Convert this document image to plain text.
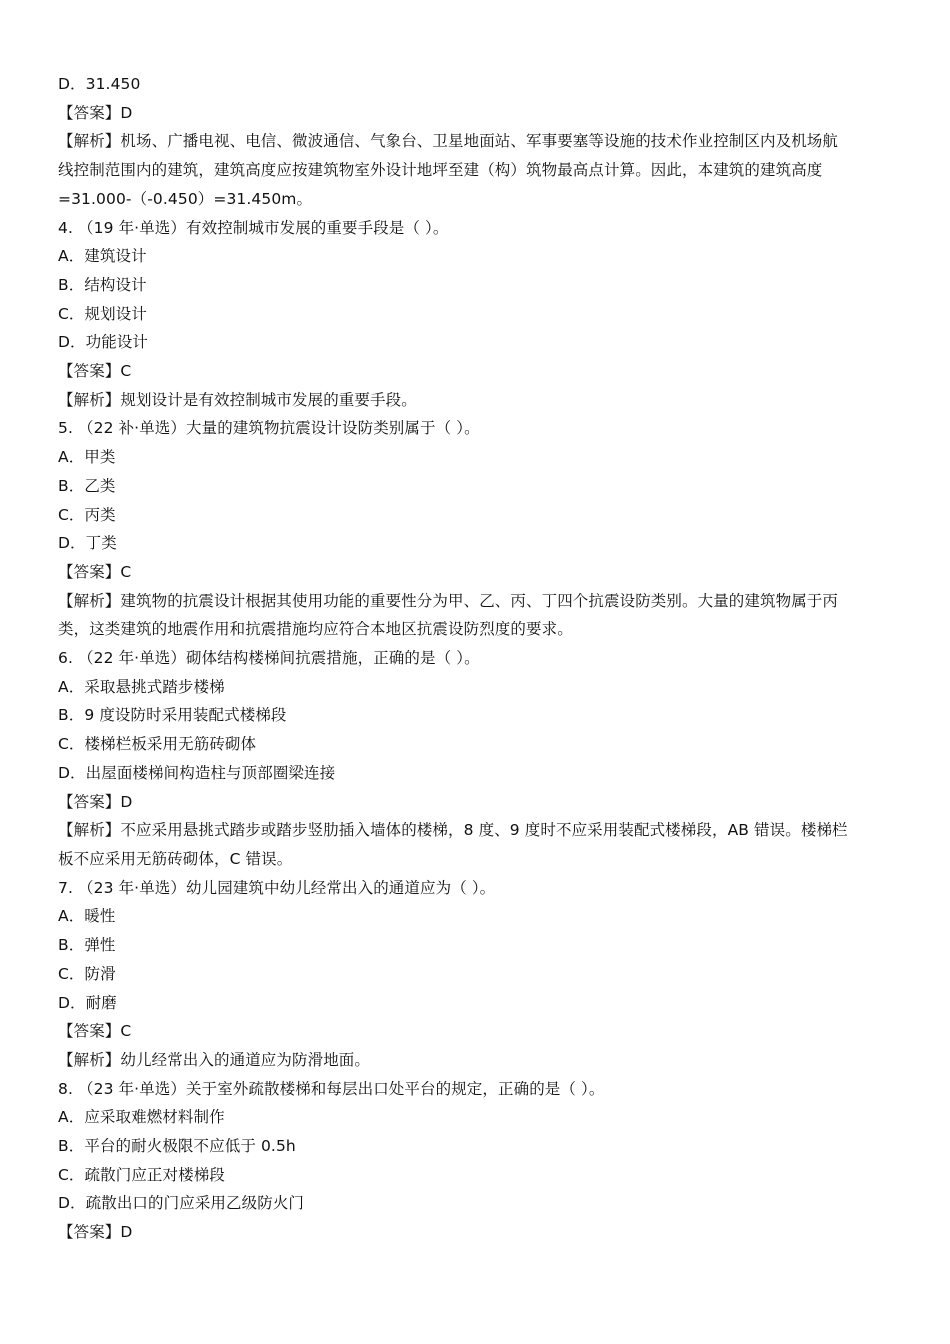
D．31.450

【答案】D

【解析】机场、广播电视、电信、微波通信、气象台、卫星地面站、军事要塞等设施的技术作业控制区内及机场航

线控制范围内的建筑，建筑高度应按建筑物室外设计地坪至建（构）筑物最高点计算。因此，本建筑的建筑高度

=31.000-（-0.450）=31.450m。

4. （19 年·单选）有效控制城市发展的重要手段是（ ）。

A．建筑设计

B．结构设计

C．规划设计

D．功能设计

【答案】C

【解析】规划设计是有效控制城市发展的重要手段。

5. （22 补·单选）大量的建筑物抗震设计设防类别属于（ ）。

A．甲类

B．乙类

C．丙类

D．丁类

【答案】C

【解析】建筑物的抗震设计根据其使用功能的重要性分为甲、乙、丙、丁四个抗震设防类别。大量的建筑物属于丙

类，这类建筑的地震作用和抗震措施均应符合本地区抗震设防烈度的要求。

6. （22 年·单选）砌体结构楼梯间抗震措施，正确的是（ ）。

A．采取悬挑式踏步楼梯

B．9 度设防时采用装配式楼梯段

C．楼梯栏板采用无筋砖砌体

D．出屋面楼梯间构造柱与顶部圈梁连接

【答案】D

【解析】不应采用悬挑式踏步或踏步竖肋插入墙体的楼梯，8 度、9 度时不应采用装配式楼梯段，AB 错误。楼梯栏

板不应采用无筋砖砌体，C 错误。

7. （23 年·单选）幼儿园建筑中幼儿经常出入的通道应为（ ）。

A．暖性

B．弹性

C．防滑

D．耐磨

【答案】C

【解析】幼儿经常出入的通道应为防滑地面。

8. （23 年·单选）关于室外疏散楼梯和每层出口处平台的规定，正确的是（ ）。

A．应采取难燃材料制作

B．平台的耐火极限不应低于 0.5h

C．疏散门应正对楼梯段

D．疏散出口的门应采用乙级防火门

【答案】D
